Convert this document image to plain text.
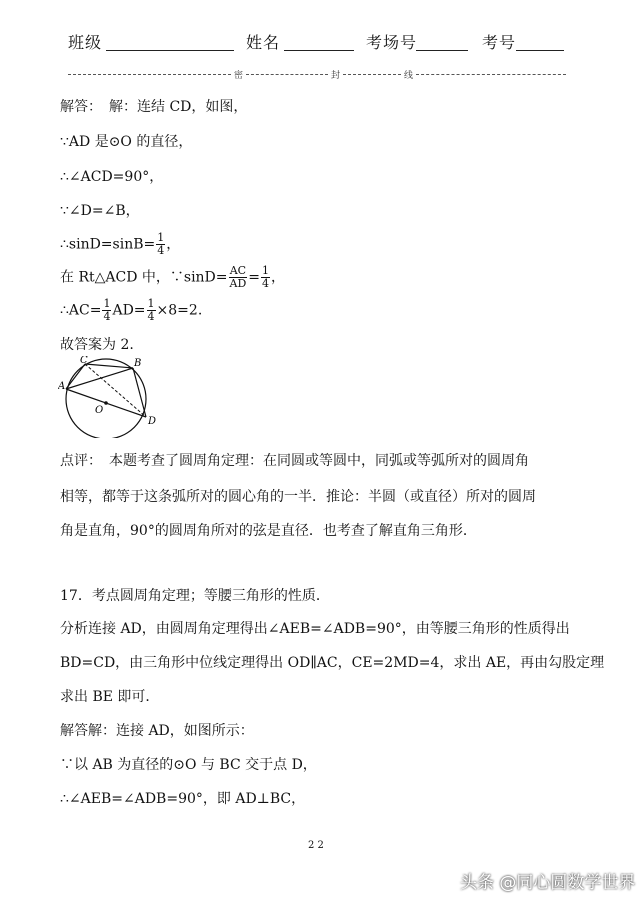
班级	姓名	考场号	考号
密	封	线
解答：　解：连结 CD，如图，
∵AD 是⊙O 的直径，
∴∠ACD=90°，
∵∠D=∠B，
∴sinD=sinB= $\frac{1}{4}$ ，
在 Rt△ACD 中，∵sinD= $\frac{AC}{AD} = \frac{1}{4}$ ，
∴AC= $\frac{1}{4} AD= \frac{1}{4} \times 8=2$.
故答案为 2.
A
C	B
O
D
点评：　本题考查了圆周角定理：在同圆或等圆中，同弧或等弧所对的圆周角
相等，都等于这条弧所对的圆心角的一半．推论：半圆（或直径）所对的圆周
角是直角，90°的圆周角所对的弦是直径．也考查了解直角三角形．
17．考点圆周角定理；等腰三角形的性质．
分析连接 AD，由圆周角定理得出∠AEB=∠ADB=90°，由等腰三角形的性质得出
BD=CD，由三角形中位线定理得出 OD∥AC，CE=2MD=4，求出 AE，再由勾股定理
求出 BE 即可．
解答解：连接 AD，如图所示：
∵以 AB 为直径的⊙O 与 BC 交于点 D，
∴∠AEB=∠ADB=90°，即 AD⊥BC，
2 2
头条 @同心圆数学世界
